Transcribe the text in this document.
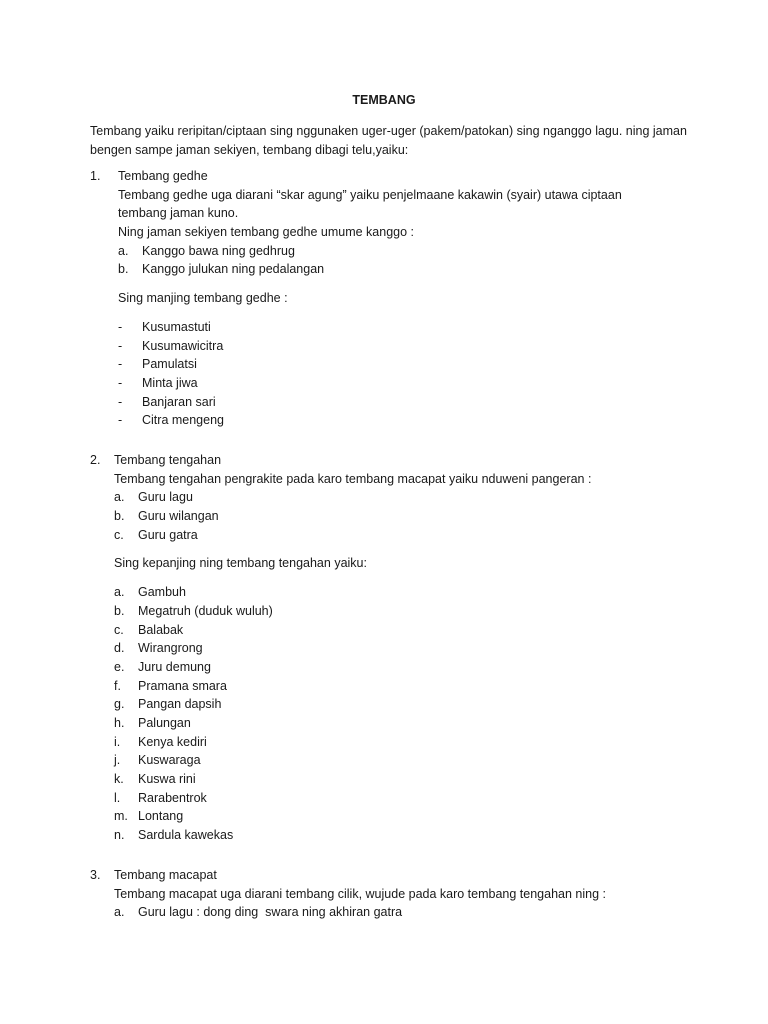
TEMBANG

Tembang yaiku reripitan/ciptaan sing nggunaken uger-uger (pakem/patokan) sing nganggo lagu. ning jaman bengen sampe jaman sekiyen, tembang dibagi telu,yaiku:

1. Tembang gedhe
Tembang gedhe uga diarani “skar agung” yaiku penjelmaane kakawin (syair) utawa ciptaan
tembang jaman kuno.
Ning jaman sekiyen tembang gedhe umume kanggo :
a. Kanggo bawa ning gedhrug
b. Kanggo julukan ning pedalangan
Sing manjing tembang gedhe :
- Kusumastuti
- Kusumawicitra
- Pamulatsi
- Minta jiwa
- Banjaran sari
- Citra mengeng
2. Tembang tengahan
Tembang tengahan pengrakite pada karo tembang macapat yaiku nduweni pangeran :
a. Guru lagu
b. Guru wilangan
c. Guru gatra
Sing kepanjing ning tembang tengahan yaiku:
a. Gambuh
b. Megatruh (duduk wuluh)
c. Balabak
d. Wirangrong
e. Juru demung
f. Pramana smara
g. Pangan dapsih
h. Palungan
i. Kenya kediri
j. Kuswaraga
k. Kuswa rini
l. Rarabentrok
m. Lontang
n. Sardula kawekas
3. Tembang macapat
Tembang macapat uga diarani tembang cilik, wujude pada karo tembang tengahan ning :
a. Guru lagu : dong ding  swara ning akhiran gatra
